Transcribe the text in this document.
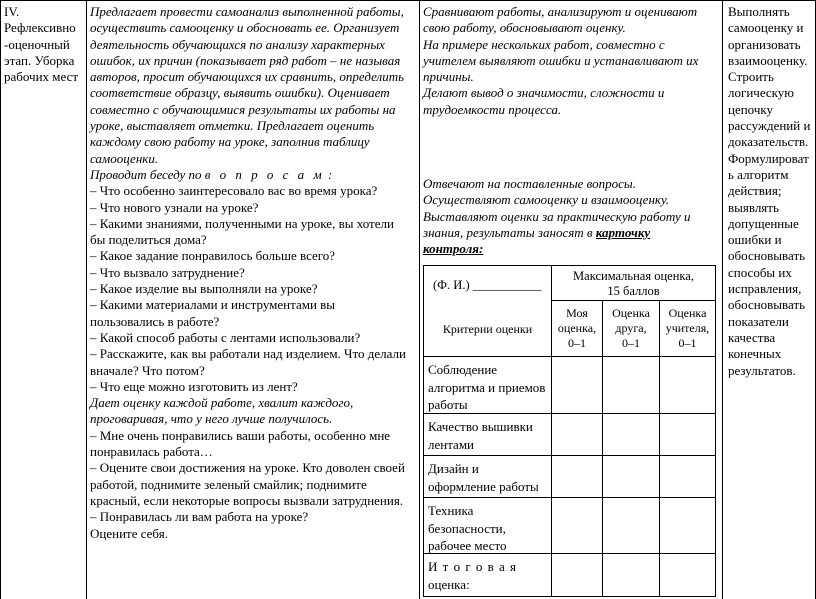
IV.
Рефлексивно
-оценочный
этап. Уборка
рабочих мест
Предлагает провести самоанализ выполненной работы,
осуществить самооценку и обосновать ее. Организует
деятельность обучающихся по анализу характерных
ошибок, их причин (показывает ряд работ – не называя
авторов, просит обучающихся их сравнить, определить
соответствие образцу, выявить ошибки). Оценивает
совместно с обучающимися результаты их работы на
уроке, выставляет отметки. Предлагает оценить
каждому свою работу на уроке, заполнив таблицу
самооценки.
Проводит беседу по в о п р о с а м :
– Что особенно заинтересовало вас во время урока?
– Что нового узнали на уроке?
– Какими знаниями, полученными на уроке, вы хотели
бы поделиться дома?
– Какое задание понравилось больше всего?
– Что вызвало затруднение?
– Какое изделие вы выполняли на уроке?
– Какими материалами и инструментами вы
пользовались в работе?
– Какой способ работы с лентами использовали?
– Расскажите, как вы работали над изделием. Что делали
вначале? Что потом?
– Что еще можно изготовить из лент?
Дает оценку каждой работе, хвалит каждого,
проговаривая, что у него лучше получилось.
– Мне очень понравились ваши работы, особенно мне
понравилась работа…
– Оцените свои достижения на уроке. Кто доволен своей
работой, поднимите зеленый смайлик; поднимите
красный, если некоторые вопросы вызвали затруднения.
– Понравилась ли вам работа на уроке?
Оцените себя.
Сравнивают работы, анализируют и оценивают
свою работу, обосновывают оценку.
На примере нескольких работ, совместно с
учителем выявляют ошибки и устанавливают их
причины.
Делают вывод о значимости, сложности и
трудоемкости процесса.
Отвечают на поставленные вопросы.
Осуществляют самооценку и взаимооценку.
Выставляют оценки за практическую работу и
знания, результаты заносят в карточку
контроля:
(Ф. И.) ___________
Максимальная оценка,
15 баллов
Критерии оценки
Моя
оценка,
0–1
Оценка
друга,
0–1
Оценка
учителя,
0–1
Соблюдение
алгоритма и приемов
работы
Качество вышивки
лентами
Дизайн и
оформление работы
Техника
безопасности,
рабочее место
И т о г о в а я
оценка:
Выполнять
самооценку и
организовать
взаимооценку.
Строить
логическую
цепочку
рассуждений и
доказательств.
Формулироват
ь алгоритм
действия;
выявлять
допущенные
ошибки и
обосновывать
способы их
исправления,
обосновывать
показатели
качества
конечных
результатов.
